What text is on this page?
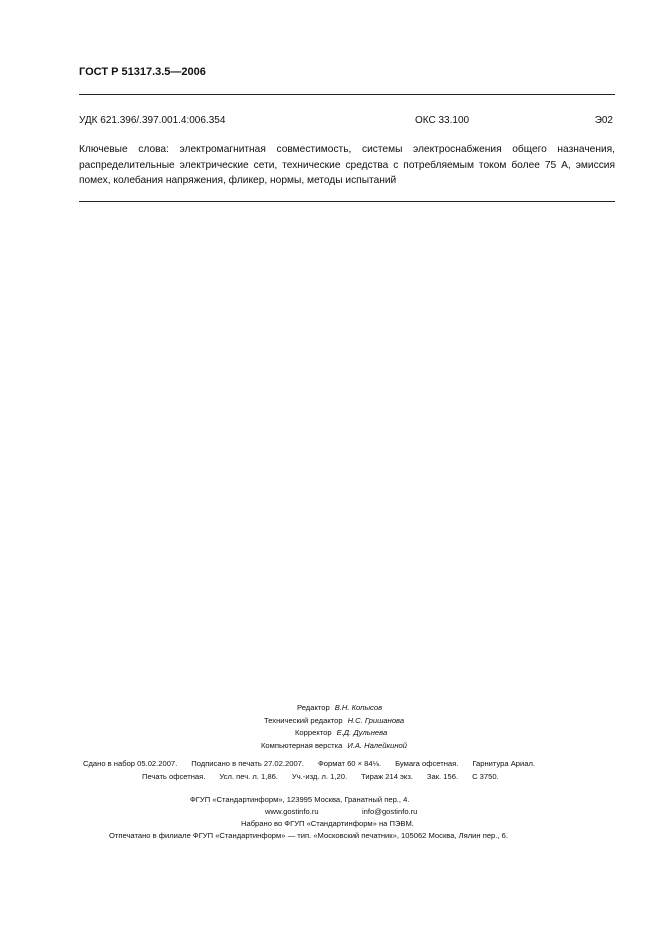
ГОСТ Р 51317.3.5—2006
УДК 621.396/.397.001.4:006.354	ОКС 33.100	Э02
Ключевые слова: электромагнитная совместимость, системы электроснабжения общего назначения, распределительные электрические сети, технические средства с потребляемым током более 75 А, эмиссия помех, колебания напряжения, фликер, нормы, методы испытаний
Редактор В.Н. Копысов
Технический редактор Н.С. Гришанова
Корректор Е.Д. Дульнева
Компьютерная верстка И.А. Налейкиной
Сдано в набор 05.02.2007. Подписано в печать 27.02.2007. Формат 60 × 84⅛. Бумага офсетная. Гарнитура Ариал.
Печать офсетная. Усл. печ. л. 1,86. Уч.-изд. л. 1,20. Тираж 214 экз. Зак. 156. С 3750.
ФГУП «Стандартинформ», 123995 Москва, Гранатный пер., 4.
www.gostinfo.ru	info@gostinfo.ru
Набрано во ФГУП «Стандартинформ» на ПЭВМ.
Отпечатано в филиале ФГУП «Стандартинформ» — тип. «Московский печатник», 105062 Москва, Лялин пер., 6.
